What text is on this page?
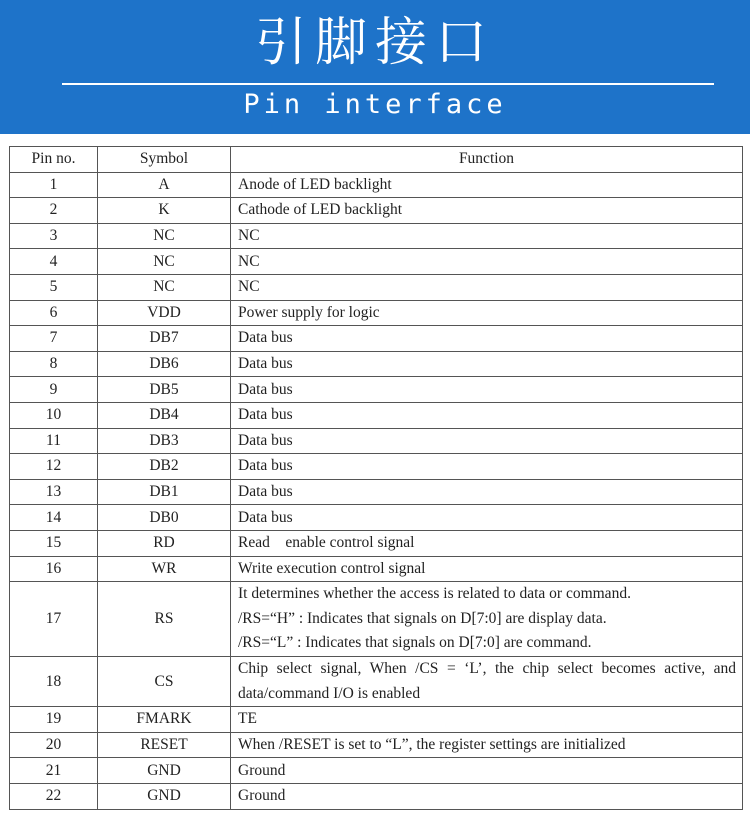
引脚接口
Pin interface
Pin no.	Symbol	Function
1	A	Anode of LED backlight

2	K	Cathode of LED backlight

3	NC	NC

4	NC	NC

5	NC	NC

6	VDD	Power supply for logic

7	DB7	Data bus

8	DB6	Data bus

9	DB5	Data bus

10	DB4	Data bus

11	DB3	Data bus

12	DB2	Data bus

13	DB1	Data bus

14	DB0	Data bus

15	RD	Read    enable control signal

16	WR	Write execution control signal

17	RS	It determines whether the access is related to data or command.
/RS=“H” : Indicates that signals on D[7:0] are display data.
/RS=“L” : Indicates that signals on D[7:0] are command.

18	CS	Chip select signal, When /CS = ‘L’, the chip select becomes active, and data/command I/O is enabled

19	FMARK	TE

20	RESET	When /RESET is set to “L”, the register settings are initialized

21	GND	Ground

22	GND	Ground
